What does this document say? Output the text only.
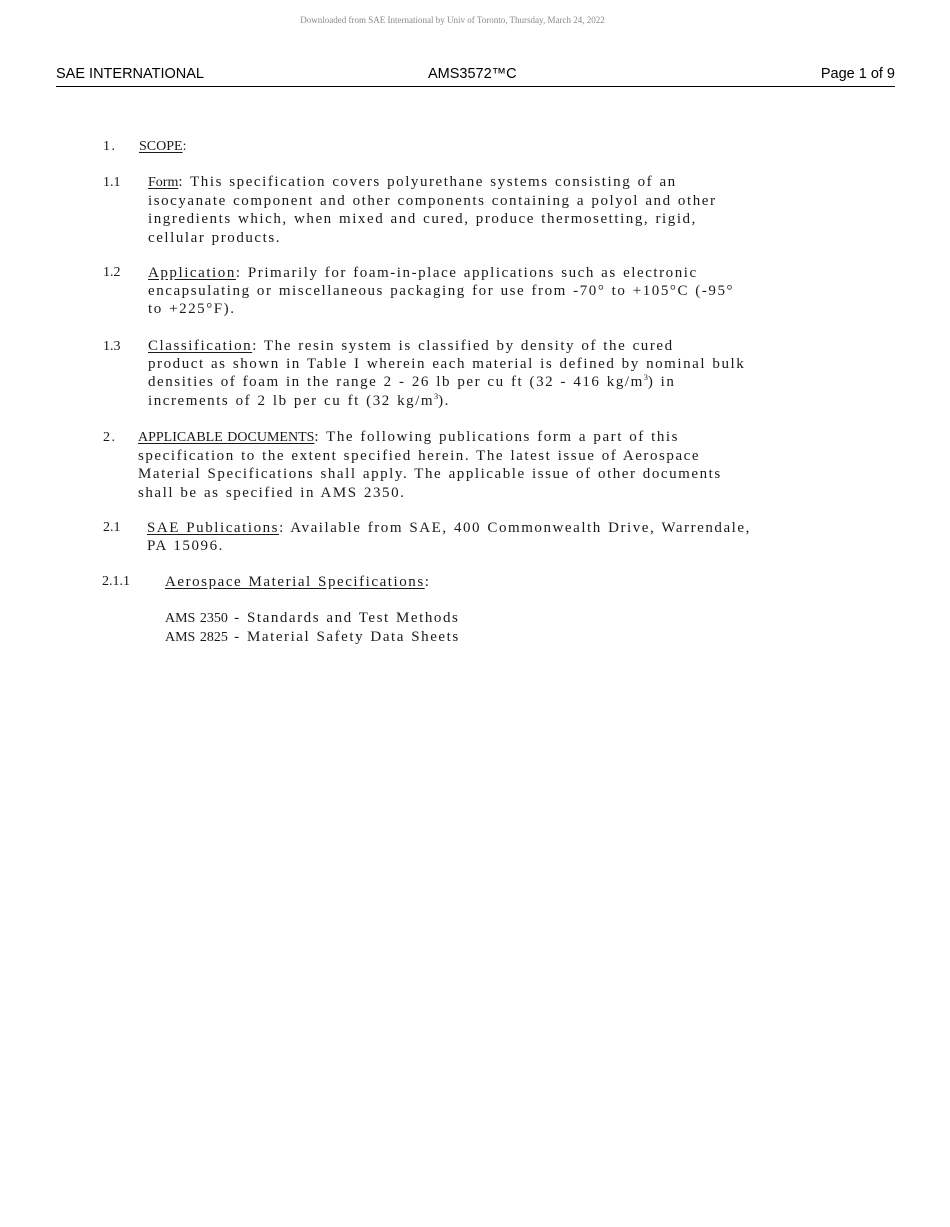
Downloaded from SAE International by Univ of Toronto, Thursday, March 24, 2022
SAE INTERNATIONAL	AMS3572™C	Page 1 of 9
1. SCOPE:
1.1 Form: This specification covers polyurethane systems consisting of an
isocyanate component and other components containing a polyol and other
ingredients which, when mixed and cured, produce thermosetting, rigid,
cellular products.
1.2 Application: Primarily for foam-in-place applications such as electronic
encapsulating or miscellaneous packaging for use from -70° to +105°C (-95°
to +225°F).
1.3 Classification: The resin system is classified by density of the cured
product as shown in Table I wherein each material is defined by nominal bulk
densities of foam in the range 2 - 26 lb per cu ft (32 - 416 $kg/m^3$) in
increments of 2 lb per cu ft (32 $kg/m^3$).
2. APPLICABLE DOCUMENTS: The following publications form a part of this
specification to the extent specified herein. The latest issue of Aerospace
Material Specifications shall apply. The applicable issue of other documents
shall be as specified in AMS 2350.
2.1 SAE Publications: Available from SAE, 400 Commonwealth Drive, Warrendale,
PA 15096.
2.1.1 Aerospace Material Specifications:
AMS 2350 - Standards and Test Methods
AMS 2825 - Material Safety Data Sheets
